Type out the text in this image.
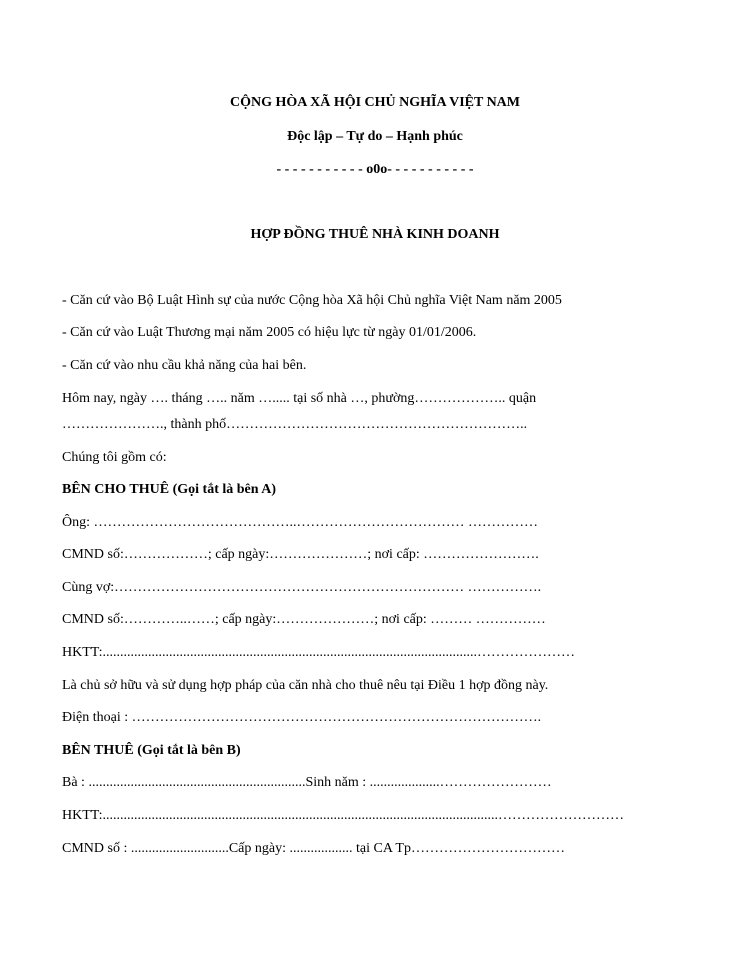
CỘNG HÒA XÃ HỘI CHỦ NGHĨA VIỆT NAM
Độc lập – Tự do – Hạnh phúc
- - - - - - - - - - - o0o- - - - - - - - - - -
HỢP ĐỒNG THUÊ NHÀ KINH DOANH
- Căn cứ vào Bộ Luật Hình sự của nước Cộng hòa Xã hội Chủ nghĩa Việt Nam năm 2005
- Căn cứ vào Luật Thương mại năm 2005 có hiệu lực từ ngày 01/01/2006.
- Căn cứ vào nhu cầu khả năng của hai bên.
Hôm nay, ngày …. tháng ….. năm …..... tại số nhà …, phường……………….. quận
…………………., thành phố………………………………………………………..
Chúng tôi gồm có:
BÊN CHO THUÊ (Gọi tắt là bên A)
Ông: ……………………………………..……………………………… ……………
CMND số:………………; cấp ngày:…………………; nơi cấp: …………………….
Cùng vợ:………………………………………………………………… …………….
CMND số:…………..……; cấp ngày:…………………; nơi cấp: ……… ……………
HKTT:...........................................................................................................…………………
Là chủ sở hữu và sử dụng hợp pháp của căn nhà cho thuê nêu tại Điều 1 hợp đồng này.
Điện thoại : …………………………………………………………………………….
BÊN THUÊ (Gọi tắt là bên B)
Bà : ..............................................................Sinh năm : ....................……………………
HKTT:.................................................................................................................………………………
CMND số : ............................Cấp ngày: .................. tại CA Tp……………………………
